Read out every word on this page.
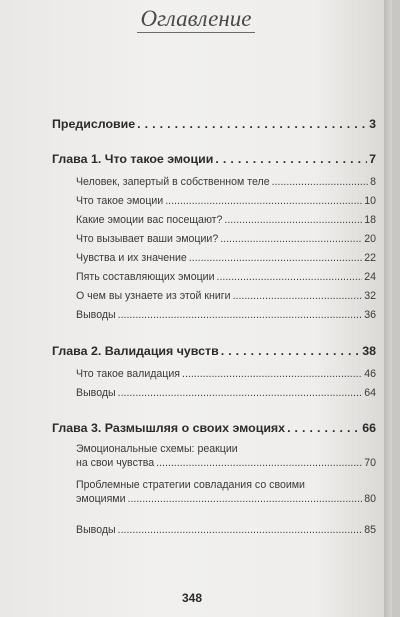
Оглавление
Предисловие . . .	3
Глава 1. Что такое эмоции . . .	7
Человек, запертый в собственном теле .....	8
Что такое эмоции .....	10
Какие эмоции вас посещают? .....	18
Что вызывает ваши эмоции? .....	20
Чувства и их значение .....	22
Пять составляющих эмоции .....	24
О чем вы узнаете из этой книги .....	32
Выводы .....	36
Глава 2. Валидация чувств . . .	38
Что такое валидация .....	46
Выводы .....	64
Глава 3. Размышляя о своих эмоциях . . .	66
Эмоциональные схемы: реакции
на свои чувства .....	70
Проблемные стратегии совладания со своими
эмоциями .....	80
Выводы .....	85
348
